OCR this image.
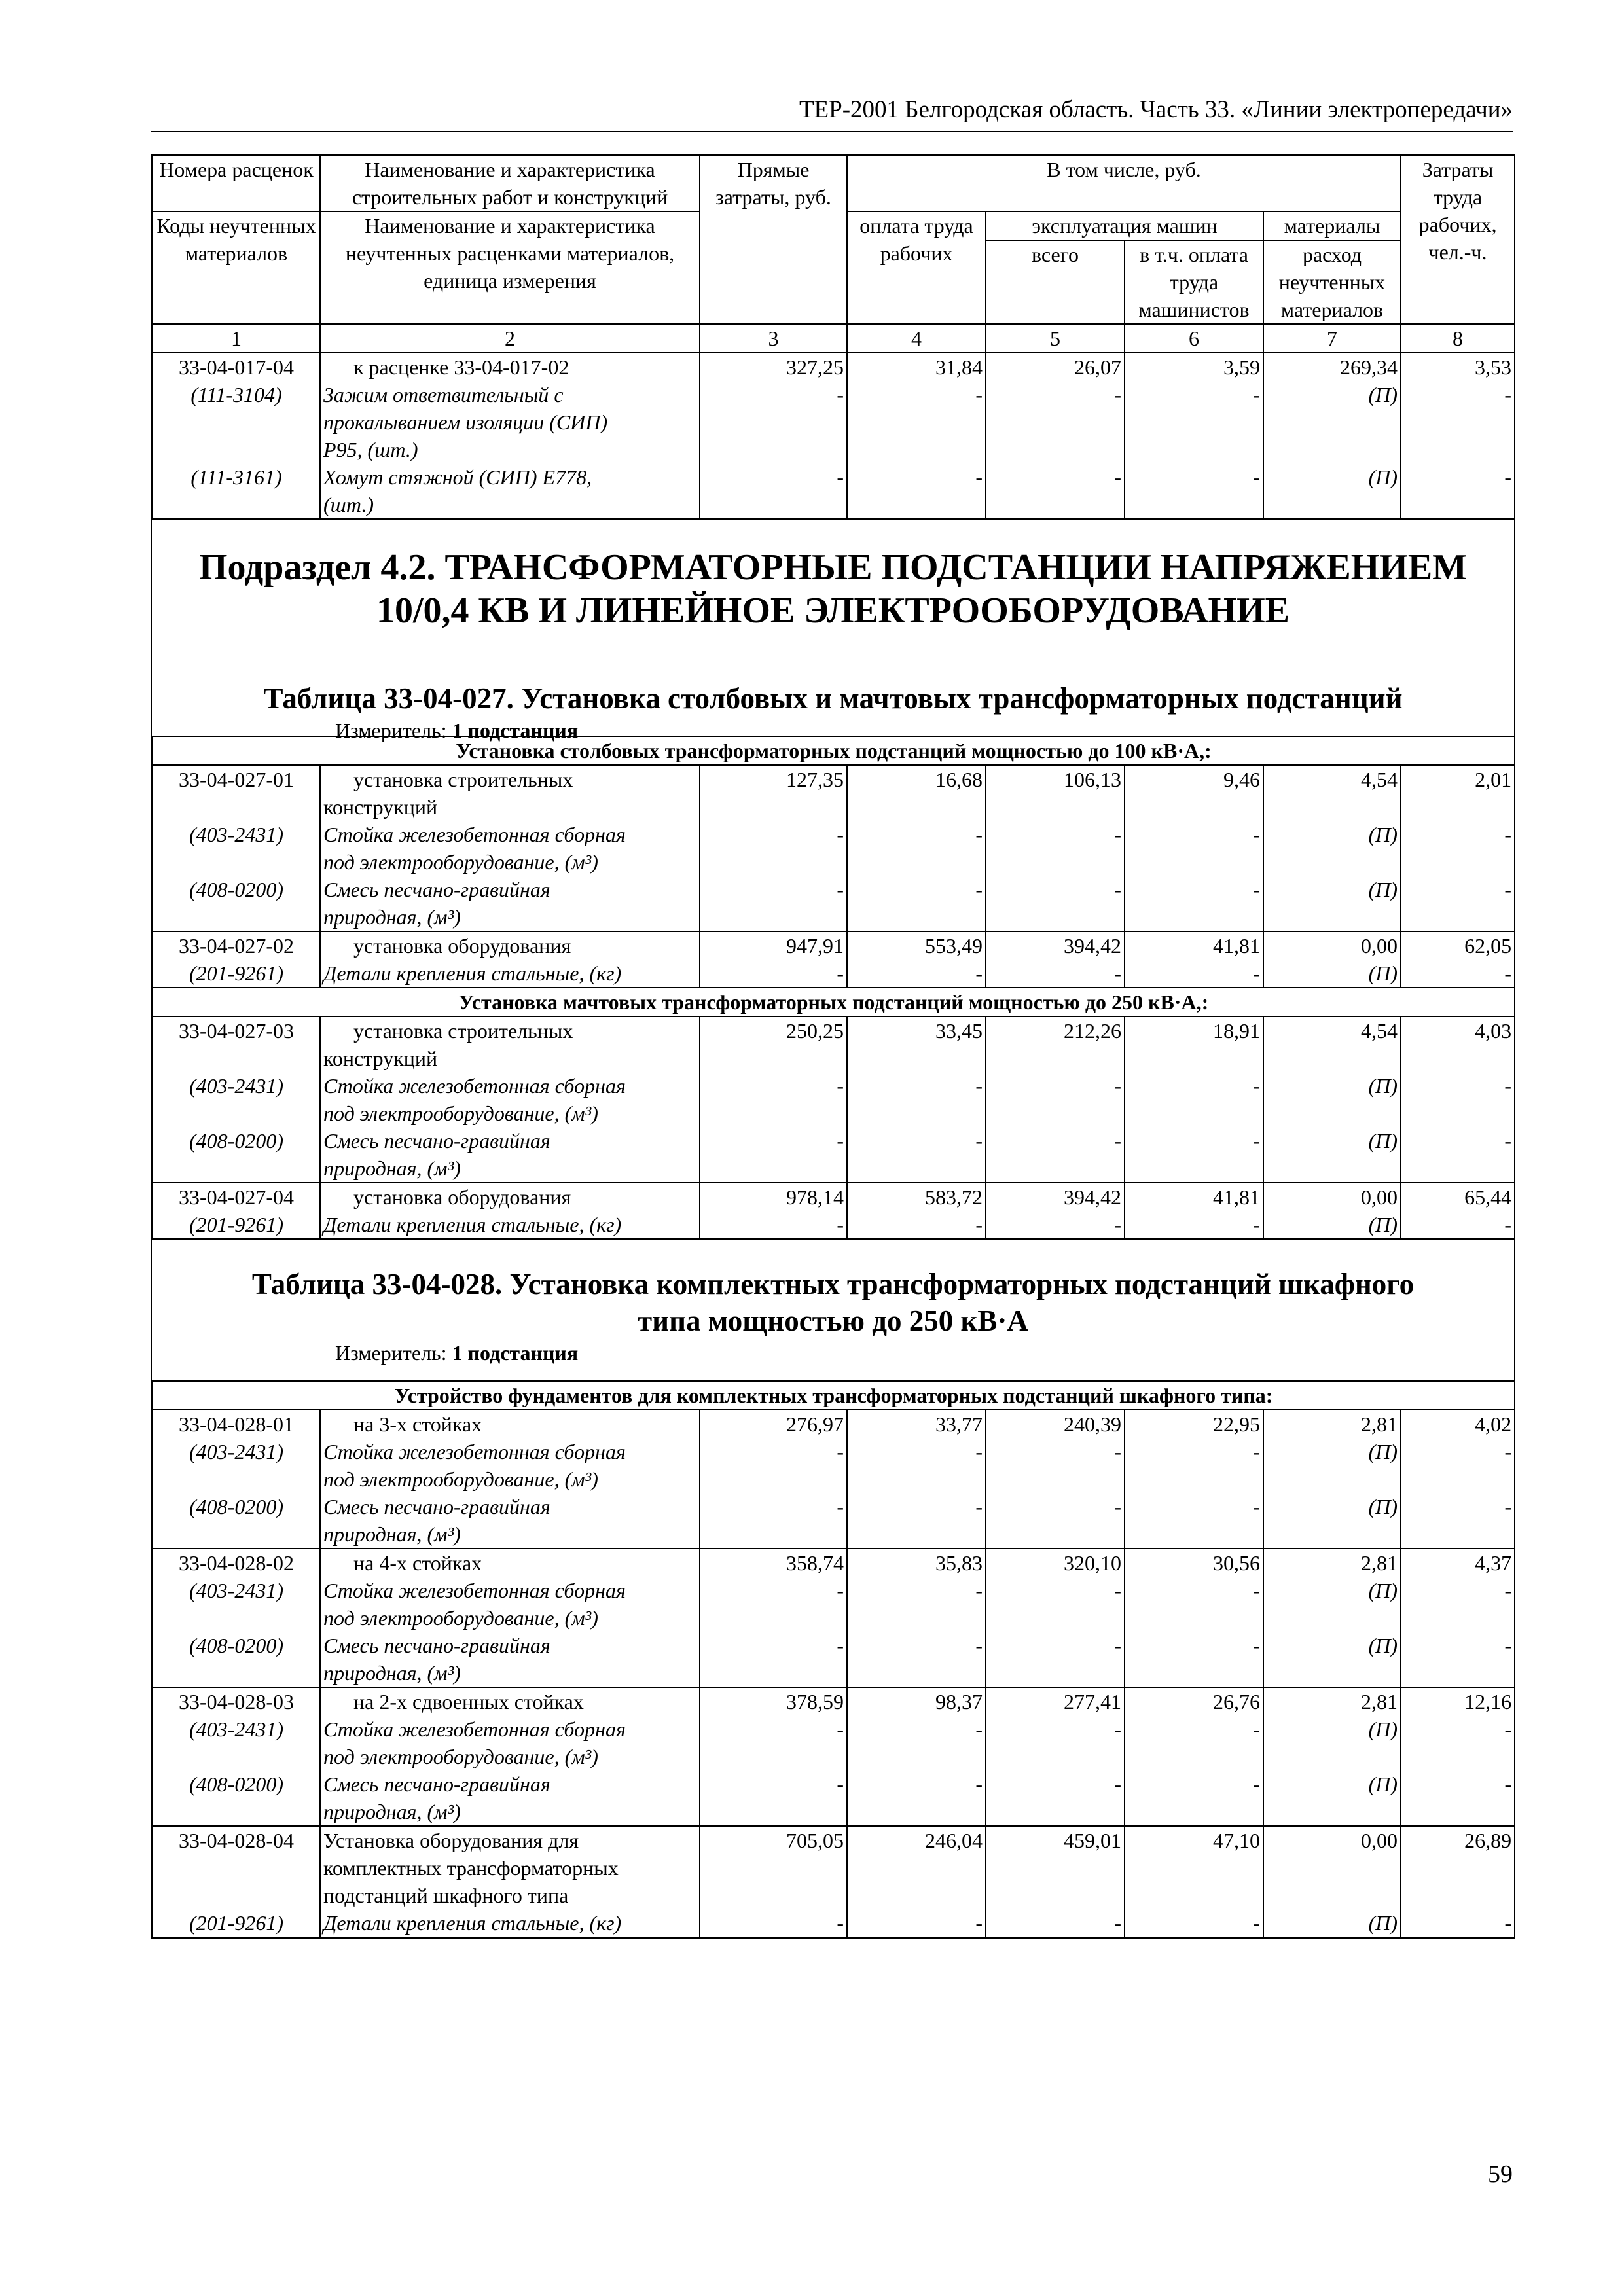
ТЕР-2001 Белгородская область. Часть 33. «Линии электропередачи»
Номера расценок	Наименование и характеристика строительных работ и конструкций	Прямые затраты, руб.	В том числе, руб.				Затраты труда рабочих, чел.-ч.
Коды неучтенных материалов	Наименование и характеристика неучтенных расценками материалов, единица измерения		оплата труда рабочих	эксплуатация машин		материалы	
				всего	в т.ч. оплата труда машинистов	расход неучтенных материалов	
1	2	3	4	5	6	7	8
33-04-017-04	к расценке 33-04-017-02	327,25	31,84	26,07	3,59	269,34	3,53
(111-3104)	Зажим ответвительный с	-	-	-	-	(П)	-
	прокалыванием изоляции (СИП)						
	Р95, (шт.)						
(111-3161)	Хомут стяжной (СИП) Е778,	-	-	-	-	(П)	-
	(шт.)						
Подраздел 4.2. ТРАНСФОРМАТОРНЫЕ ПОДСТАНЦИИ НАПРЯЖЕНИЕМ
10/0,4 КВ И ЛИНЕЙНОЕ ЭЛЕКТРООБОРУДОВАНИЕ
Таблица 33-04-027. Установка столбовых и мачтовых трансформаторных подстанций
Измеритель: 1 подстанция
Установка столбовых трансформаторных подстанций мощностью до 100 кВ·А,:							
33-04-027-01	установка строительных	127,35	16,68	106,13	9,46	4,54	2,01
	конструкций						
(403-2431)	Стойка железобетонная сборная	-	-	-	-	(П)	-
	под электрооборудование, (м³)						
(408-0200)	Смесь песчано-гравийная	-	-	-	-	(П)	-
	природная, (м³)						
33-04-027-02	установка оборудования	947,91	553,49	394,42	41,81	0,00	62,05
(201-9261)	Детали крепления стальные, (кг)	-	-	-	-	(П)	-
Установка мачтовых трансформаторных подстанций мощностью до 250 кВ·А,:							
33-04-027-03	установка строительных	250,25	33,45	212,26	18,91	4,54	4,03
	конструкций						
(403-2431)	Стойка железобетонная сборная	-	-	-	-	(П)	-
	под электрооборудование, (м³)						
(408-0200)	Смесь песчано-гравийная	-	-	-	-	(П)	-
	природная, (м³)						
33-04-027-04	установка оборудования	978,14	583,72	394,42	41,81	0,00	65,44
(201-9261)	Детали крепления стальные, (кг)	-	-	-	-	(П)	-
Таблица 33-04-028. Установка комплектных трансформаторных подстанций шкафного
типа мощностью до 250 кВ·А
Измеритель: 1 подстанция
Устройство фундаментов для комплектных трансформаторных подстанций шкафного типа:							
33-04-028-01	на 3-х стойках	276,97	33,77	240,39	22,95	2,81	4,02
(403-2431)	Стойка железобетонная сборная	-	-	-	-	(П)	-
	под электрооборудование, (м³)						
(408-0200)	Смесь песчано-гравийная	-	-	-	-	(П)	-
	природная, (м³)						
33-04-028-02	на 4-х стойках	358,74	35,83	320,10	30,56	2,81	4,37
(403-2431)	Стойка железобетонная сборная	-	-	-	-	(П)	-
	под электрооборудование, (м³)						
(408-0200)	Смесь песчано-гравийная	-	-	-	-	(П)	-
	природная, (м³)						
33-04-028-03	на 2-х сдвоенных стойках	378,59	98,37	277,41	26,76	2,81	12,16
(403-2431)	Стойка железобетонная сборная	-	-	-	-	(П)	-
	под электрооборудование, (м³)						
(408-0200)	Смесь песчано-гравийная	-	-	-	-	(П)	-
	природная, (м³)						
33-04-028-04	Установка оборудования для	705,05	246,04	459,01	47,10	0,00	26,89
	комплектных трансформаторных						
	подстанций шкафного типа						
(201-9261)	Детали крепления стальные, (кг)	-	-	-	-	(П)	-
59
